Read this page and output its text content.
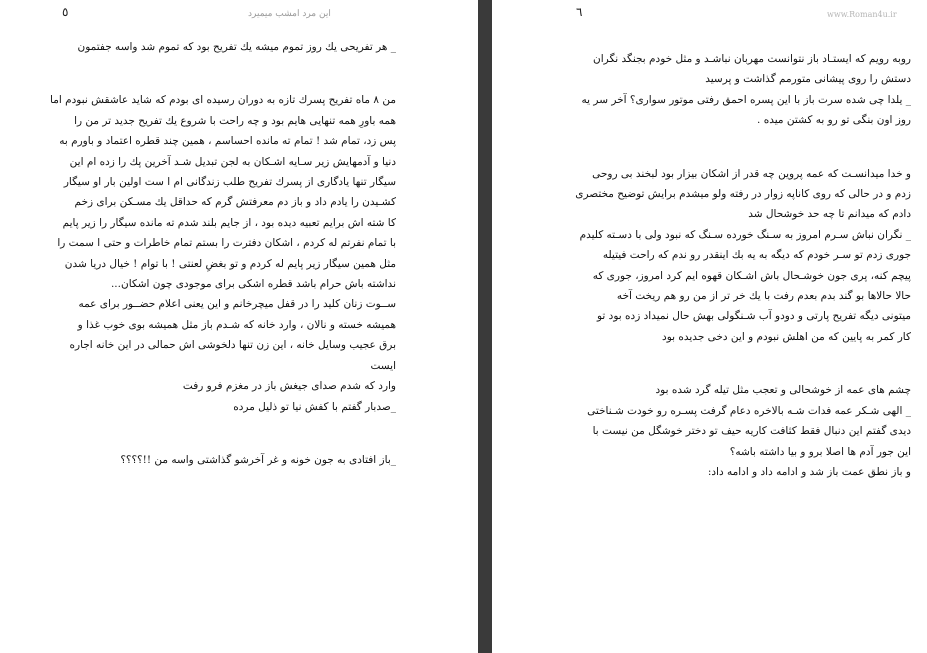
٥	این مرد امشب میمیرد

_ هر تفریحی یك روز تموم میشه یك تفریح بود که تموم شد واسه جفتمون

من ۸ ماه تفریح پسرك تازه به دوران رسیده ای بودم که شاید عاشقش نبودم اما

همه باورِ همه تنهایی هایم بود و چه راحت با شروع یك تفریح جدید تر من را

پس زد، تمام شد ! تمام ته مانده احساسم ، همین چند قطره اعتماد و باورم به

دنیا و آدمهایش زیر سـایه اشـکان به لجن تبدیل شـد آخرین پك را زده ام این

سیگار تنها یادگاری از پسرك تفریح طلب زندگانی ام ا ست اولین بار او سیگار

کشـیدن را یادم داد و باز دم معرفتش گرم که حداقل یك مسـکن برای زخم

کا شته اش برایم تعبیه دیده بود ، از جایم بلند شدم ته مانده سیگار را زیر پایم

با تمام نفرتم له کردم ، اشکان دفترت را بستم تمام خاطرات و حتی ا سمت را

مثل همین سیگار زیر پایم له کردم و تو بغضِ لعنتی ! با توام ! خیال دریا شدن

نداشته باش حرام باشد قطره اشکی برای موجودی چون اشکان...

ســوت زنان کلید را در قفل میچرخانم و این یعنی اعلام حضــور برای عمه

همیشه خسته و نالان ، وارد خانه که شـدم باز مثل همیشه بوی خوب غذا و

برق عجیب وسایل خانه ، این زن تنها دلخوشی اش حمالی در این خانه اجاره

ایست

وارد که شدم صدای جیغش باز در مغزم فرو رفت

_صدبار گفتم با کفش نیا تو ذلیل مرده

_باز افتادی به جون خونه و غر آخرشو گذاشتی واسه من !!؟؟؟؟

www.Roman4u.ir
٦

روبه رویم که ایستـاد باز نتوانست مهربان نباشـد و مثل خودم بجنگد نگران

دستش را روی پیشانی متورمم گذاشت و پرسید

_ یلدا چی شده سرت باز با این پسره احمق رفتی موتور سواری؟ آخر سر یه

روز اون بنگی تو رو به کشتن میده .

و خدا میدانسـت که عمه پروین چه قدر از اشکان بیزار بود لبخند بی روحی

زدم و در حالی که روی کاناپه زوار در رفته ولو میشدم برایش توضیح مختصری

دادم که میدانم تا چه حد خوشحال شد

_ نگران نباش سـرم امروز به سـنگ خورده سـنگ که نبود ولی با دسـته کلیدم

جوری زدم تو سـر خودم که دیگه به یه بك اینقدر رو ندم که راحت فیتیله

پیچم کنه، پری جون خوشـحال باش اشـکان قهوه ایم کرد امروز، جوری که

حالا حالاها بو گند بدم بعدم رفت با یك خر تر از من رو هم ریخت آخه

میتونی دیگه تفریح پارتی و دودو آب شـنگولی بهش حال نمیداد زده بود تو

کار کمر به پایین که من اهلش نبودم و این دخی جدیده بود

چشم های عمه از خوشحالی و تعجب مثل تیله گرد شده بود

_ الهی شـکر عمه فدات شـه بالاخره دعام گرفت پسـره رو خودت شـناختی

دیدی گفتم این دنبال فقط کثافت کاریه حیف تو دختر خوشگل من نیست با

این جور آدم ها اصلا برو و بیا داشته باشه؟

و باز نطق عمت باز شد و ادامه داد و ادامه داد:
